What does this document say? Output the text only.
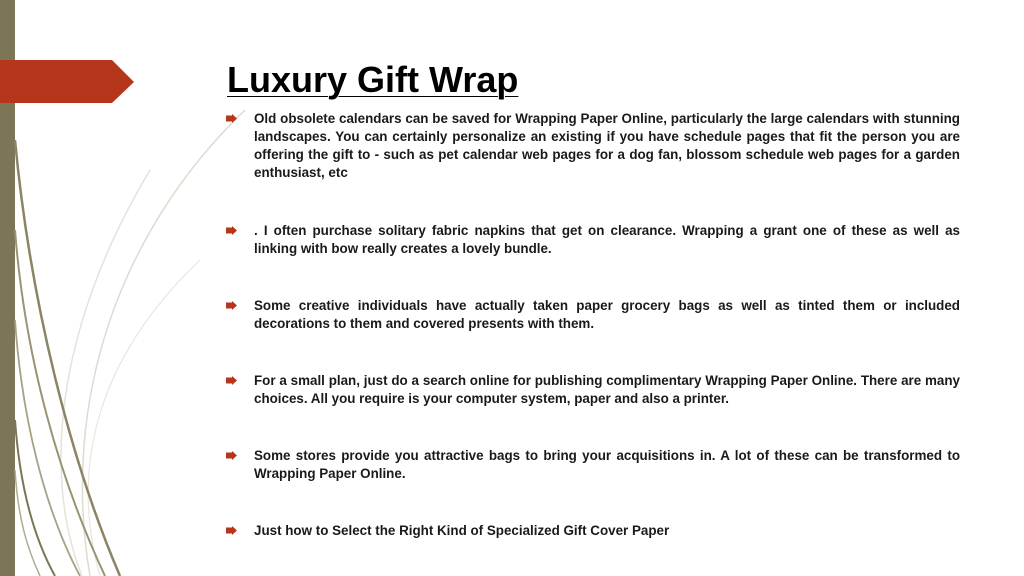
Luxury Gift Wrap

Old obsolete calendars can be saved for Wrapping Paper Online, particularly the large calendars with stunning landscapes. You can certainly personalize an existing if you have schedule pages that fit the person you are offering the gift to - such as pet calendar web pages for a dog fan, blossom schedule web pages for a garden enthusiast, etc

. I often purchase solitary fabric napkins that get on clearance. Wrapping a grant one of these as well as linking with bow really creates a lovely bundle.

Some creative individuals have actually taken paper grocery bags as well as tinted them or included decorations to them and covered presents with them.

For a small plan, just do a search online for publishing complimentary Wrapping Paper Online. There are many choices. All you require is your computer system, paper and also a printer.

Some stores provide you attractive bags to bring your acquisitions in. A lot of these can be transformed to Wrapping Paper Online.

Just how to Select the Right Kind of Specialized Gift Cover Paper
